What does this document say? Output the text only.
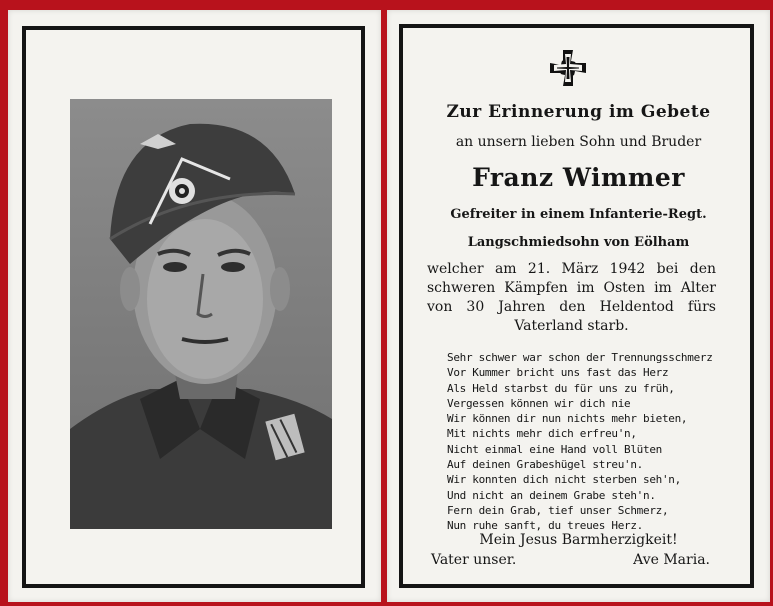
Zur Erinnerung im Gebete
an unsern lieben Sohn und Bruder
Franz Wimmer
Gefreiter in einem Infanterie-Regt.
Langschmiedsohn von Eölham
welcher am 21. März 1942 bei den schweren Kämpfen im Osten im Alter von 30 Jahren den Heldentod fürs Vaterland starb.
Sehr schwer war schon der Trennungsschmerz
Vor Kummer bricht uns fast das Herz
Als Held starbst du für uns zu früh,
Vergessen können wir dich nie
Wir können dir nun nichts mehr bieten,
Mit nichts mehr dich erfreu'n,
Nicht einmal eine Hand voll Blüten
Auf deinen Grabeshügel streu'n.
Wir konnten dich nicht sterben seh'n,
Und nicht an deinem Grabe steh'n.
Fern dein Grab, tief unser Schmerz,
Nun ruhe sanft, du treues Herz.
Mein Jesus Barmherzigkeit!
Vater unser.	Ave Maria.
